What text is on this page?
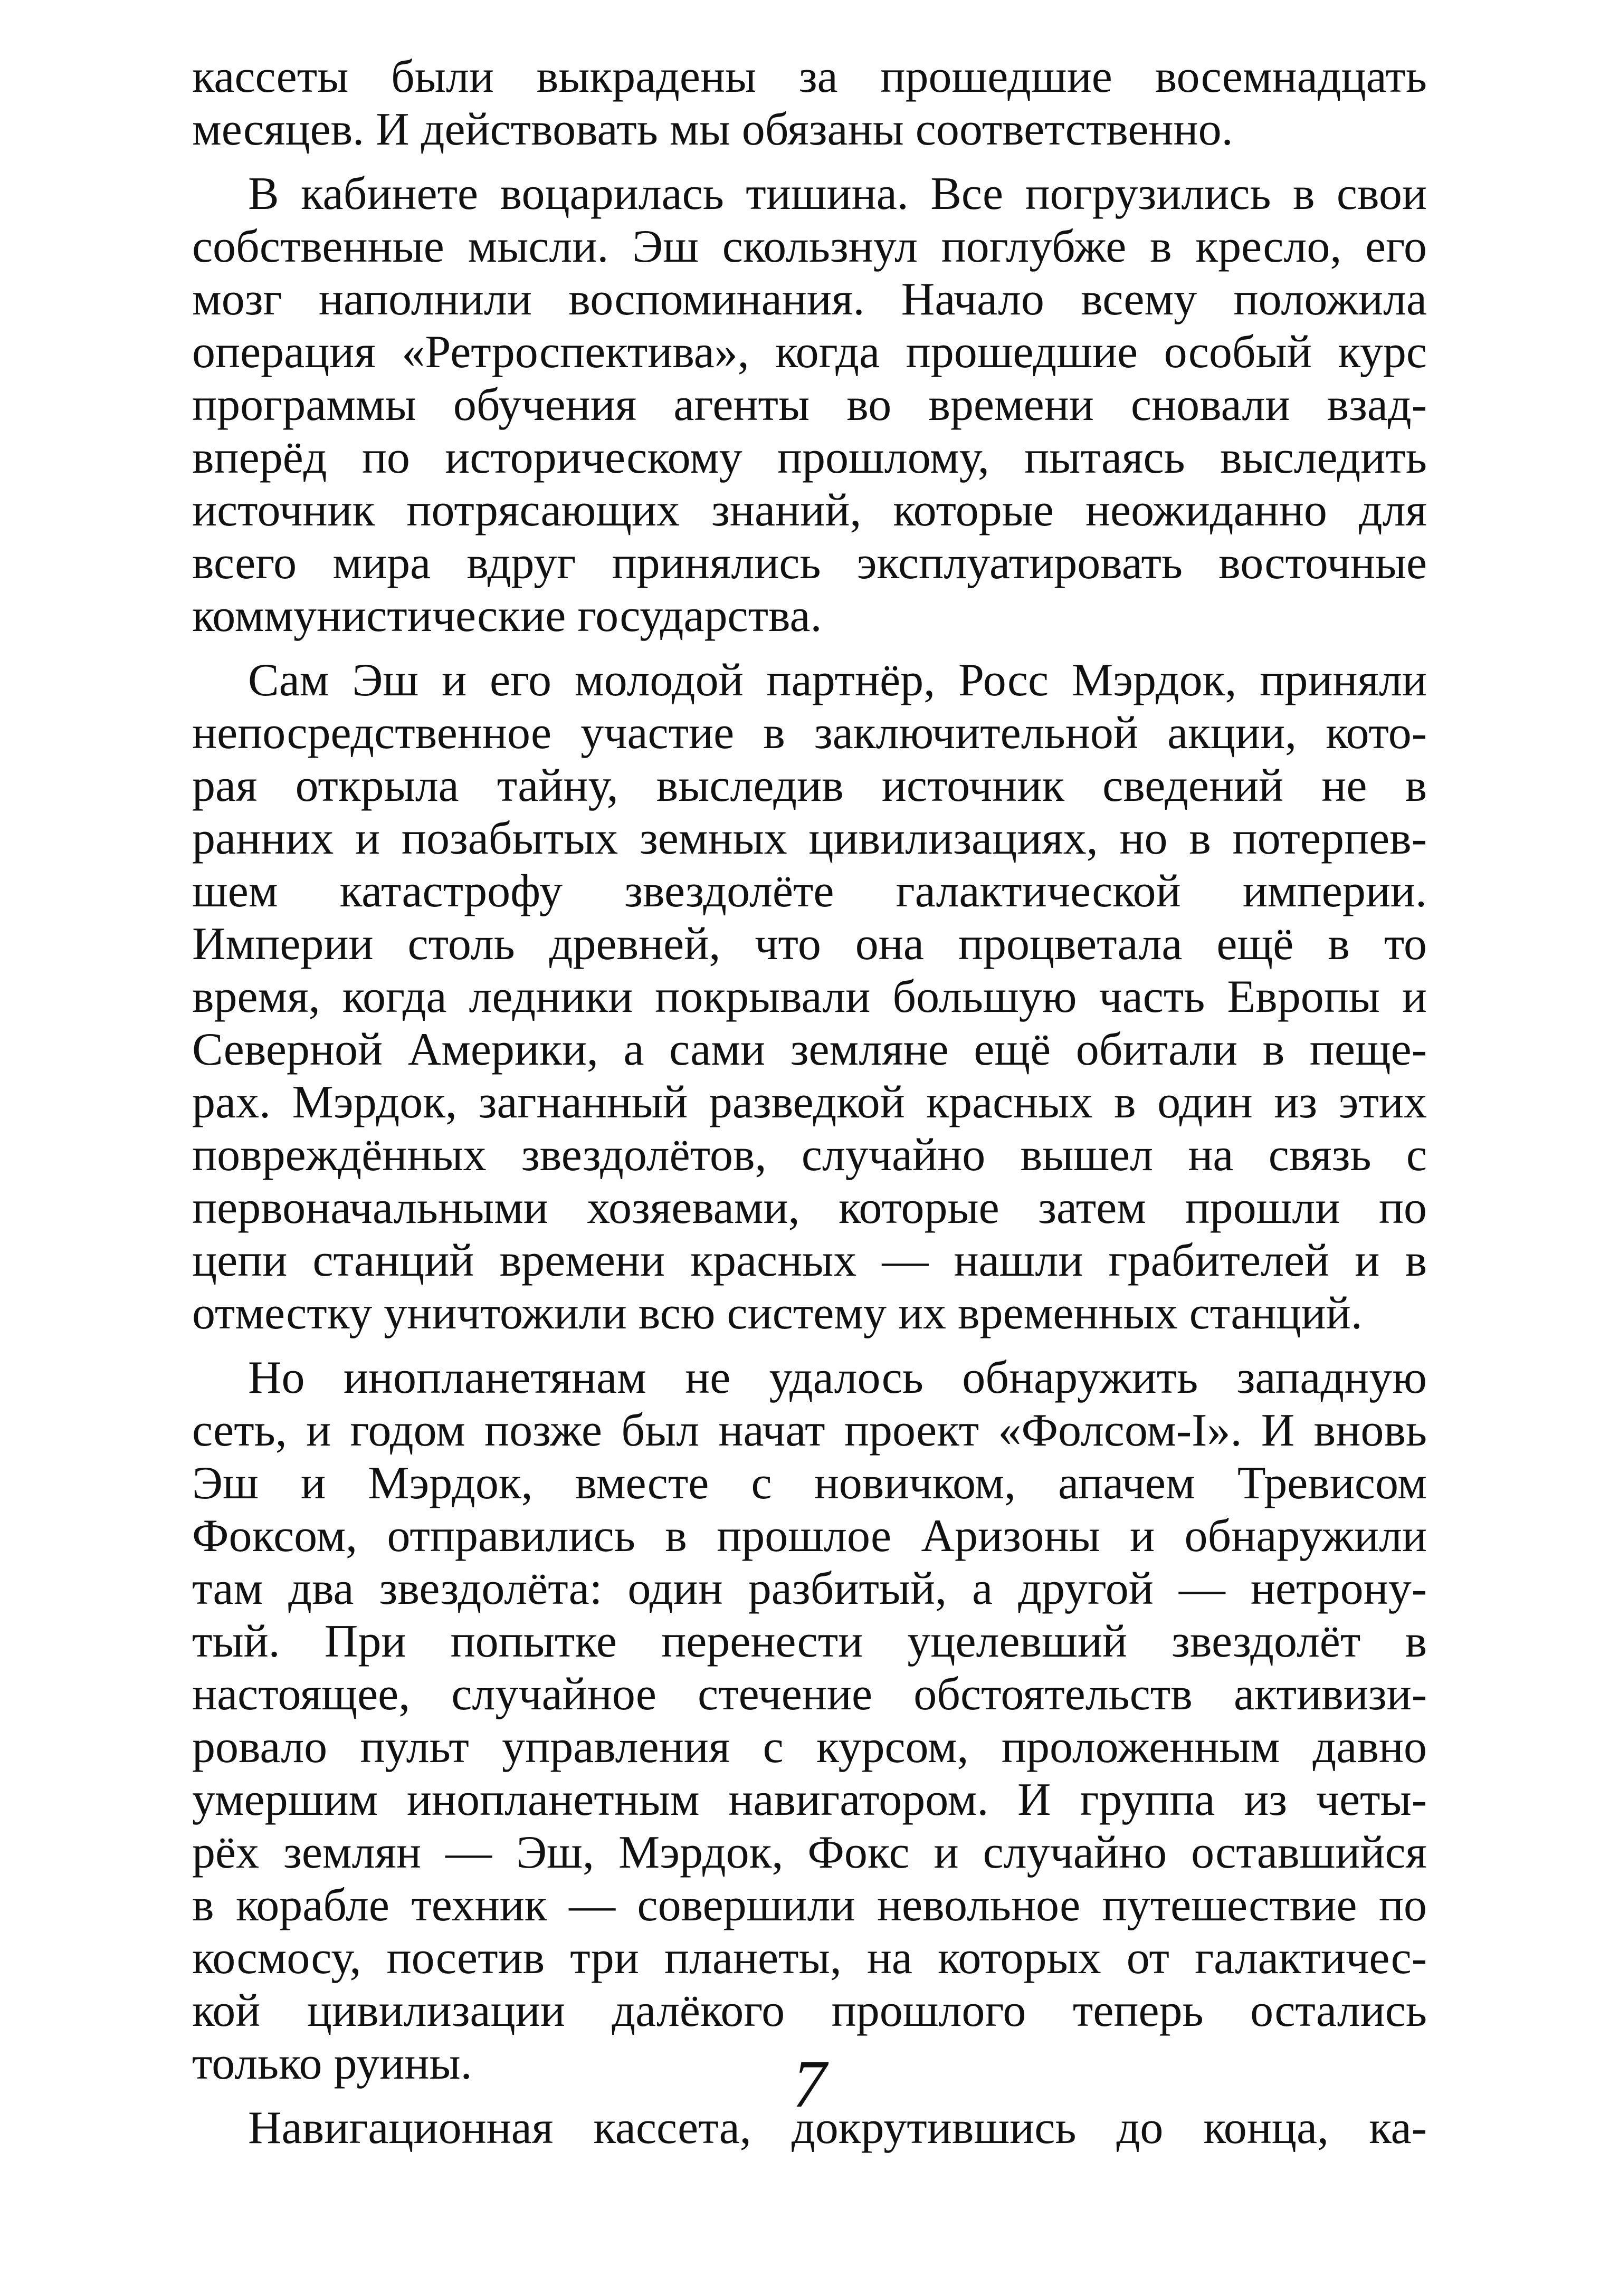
кассеты были выкрадены за прошедшие восемнадцать
месяцев. И действовать мы обязаны соответственно.
В кабинете воцарилась тишина. Все погрузились в свои
собственные мысли. Эш скользнул поглубже в кресло, его
мозг наполнили воспоминания. Начало всему положила
операция «Ретроспектива», когда прошедшие особый курс
программы обучения агенты во времени сновали взад-
вперёд по историческому прошлому, пытаясь выследить
источник потрясающих знаний, которые неожиданно для
всего мира вдруг принялись эксплуатировать восточные
коммунистические государства.
Сам Эш и его молодой партнёр, Росс Мэрдок, приняли
непосредственное участие в заключительной акции, кото-
рая открыла тайну, выследив источник сведений не в
ранних и позабытых земных цивилизациях, но в потерпев-
шем катастрофу звездолёте галактической империи.
Империи столь древней, что она процветала ещё в то
время, когда ледники покрывали большую часть Европы и
Северной Америки, а сами земляне ещё обитали в пеще-
рах. Мэрдок, загнанный разведкой красных в один из этих
повреждённых звездолётов, случайно вышел на связь с
первоначальными хозяевами, которые затем прошли по
цепи станций времени красных — нашли грабителей и в
отместку уничтожили всю систему их временных станций.
Но инопланетянам не удалось обнаружить западную
сеть, и годом позже был начат проект «Фолсом-I». И вновь
Эш и Мэрдок, вместе с новичком, апачем Тревисом
Фоксом, отправились в прошлое Аризоны и обнаружили
там два звездолёта: один разбитый, а другой — нетрону-
тый. При попытке перенести уцелевший звездолёт в
настоящее, случайное стечение обстоятельств активизи-
ровало пульт управления с курсом, проложенным давно
умершим инопланетным навигатором. И группа из четы-
рёх землян — Эш, Мэрдок, Фокс и случайно оставшийся
в корабле техник — совершили невольное путешествие по
космосу, посетив три планеты, на которых от галактичес-
кой цивилизации далёкого прошлого теперь остались
только руины.
Навигационная кассета, докрутившись до конца, ка-
7
